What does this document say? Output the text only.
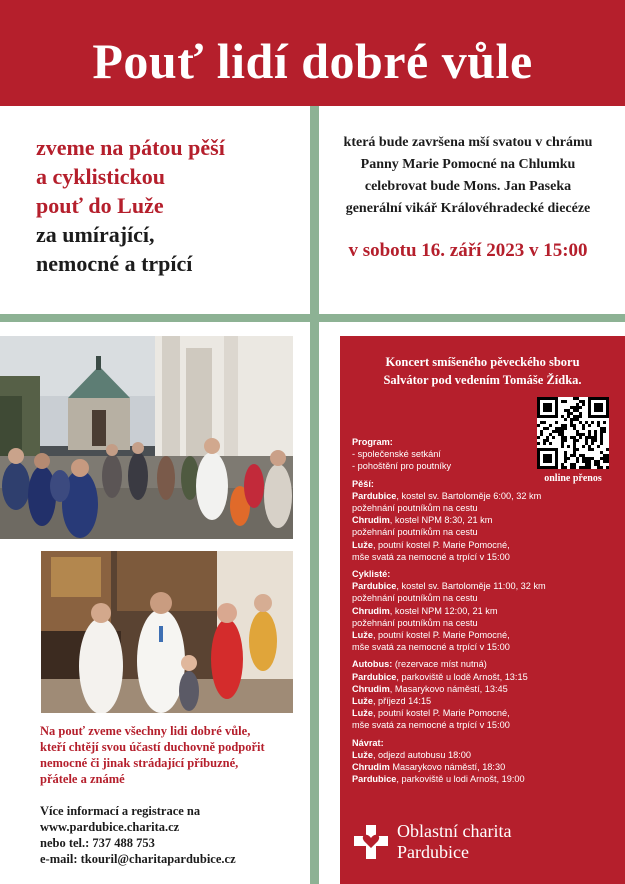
Pouť lidí dobré vůle
zveme na pátou pěší
a cyklistickou
pouť do Luže
za umírající,
nemocné a trpící
která bude završena mší svatou v chrámu
Panny Marie Pomocné na Chlumku
celebrovat bude Mons. Jan Paseka
generální vikář Královéhradecké diecéze
v sobotu 16. září 2023 v 15:00
Na pouť zveme všechny lidi dobré vůle,
kteří chtějí svou účastí duchovně podpořit
nemocné či jinak strádající příbuzné,
přátele a známé
Více informací a registrace na
www.pardubice.charita.cz
nebo tel.: 737 488 753
e-mail: tkouril@charitapardubice.cz
Koncert smíšeného pěveckého sboru
Salvátor pod vedením Tomáše Žídka.
online přenos
Program:
- společenské setkání
- pohoštění pro poutníky
Pěší:
Pardubice, kostel sv. Bartoloměje 6:00, 32 km
požehnání poutníkům na cestu
Chrudim, kostel NPM 8:30, 21 km
požehnání poutníkům na cestu
Luže, poutní kostel P. Marie Pomocné,
mše svatá za nemocné a trpící v 15:00
Cyklisté:
Pardubice, kostel sv. Bartoloměje 11:00, 32 km
požehnání poutníkům na cestu
Chrudim, kostel NPM 12:00, 21 km
požehnání poutníkům na cestu
Luže, poutní kostel P. Marie Pomocné,
mše svatá za nemocné a trpící v 15:00
Autobus: (rezervace míst nutná)
Pardubice, parkoviště u lodě Arnošt, 13:15
Chrudim, Masarykovo náměstí, 13:45
Luže, příjezd 14:15
Luže, poutní kostel P. Marie Pomocné,
mše svatá za nemocné a trpící v 15:00
Návrat:
Luže, odjezd autobusu 18:00
Chrudim Masarykovo náměstí, 18:30
Pardubice, parkoviště u lodi Arnošt, 19:00
Oblastní charita
Pardubice
